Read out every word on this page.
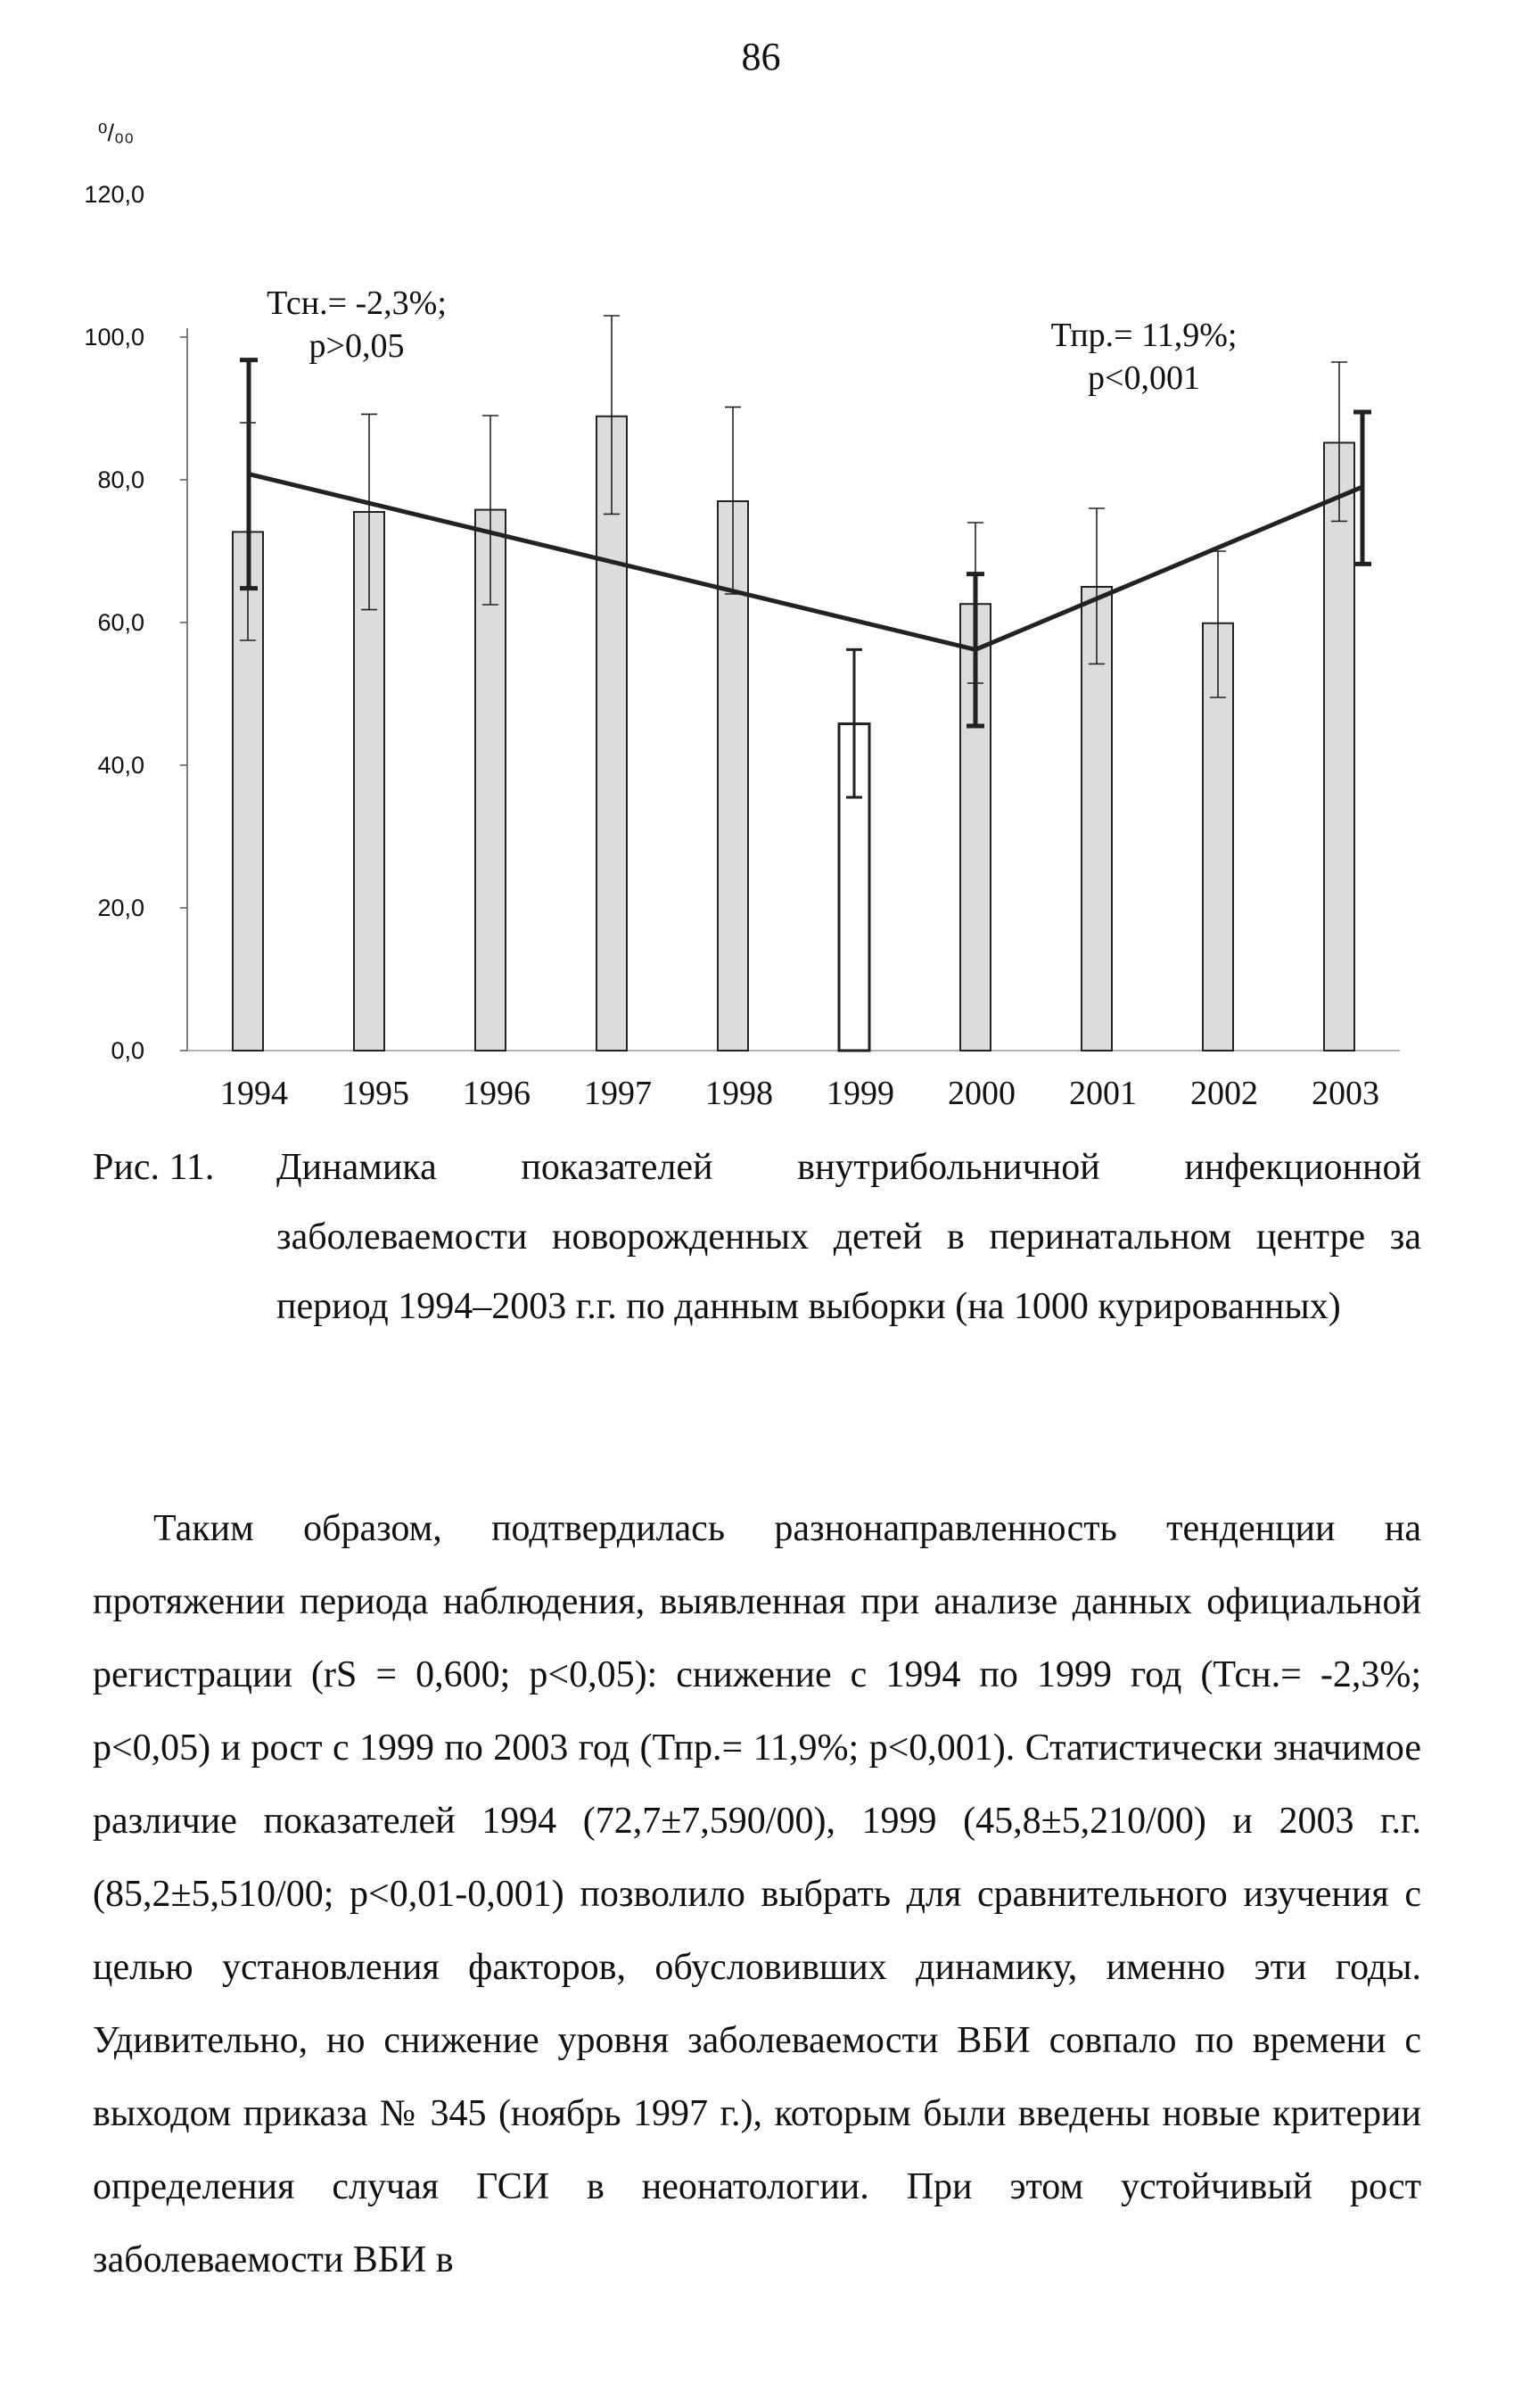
86
0,0
20,0
40,0
60,0
80,0
100,0
120,0
⁰/₀₀
1994 1995 1996 1997 1998 1999 2000 2001 2002 2003
Тсн.= -2,3%;
р>0,05	Тпр.= 11,9%;
р<0,001
Рис. 11. Динамика показателей внутрибольничной инфекционной заболеваемости новорожденных детей в перинатальном центре за период 1994–2003 г.г. по данным выборки (на 1000 курированных)

Таким образом, подтвердилась разнонаправленность тенденции на протяжении периода наблюдения, выявленная при анализе данных официальной регистрации (rS = 0,600; р<0,05): снижение с 1994 по 1999 год (Тсн.= -2,3%; р<0,05) и рост с 1999 по 2003 год (Тпр.= 11,9%; р<0,001). Статистически значимое различие показателей 1994 (72,7±7,590/00), 1999 (45,8±5,210/00) и 2003 г.г. (85,2±5,510/00; р<0,01-0,001) позволило выбрать для сравнительного изучения с целью установления факторов, обусловивших динамику, именно эти годы. Удивительно, но снижение уровня заболеваемости ВБИ совпало по времени с выходом приказа № 345 (ноябрь 1997 г.), которым были введены новые критерии определения случая ГСИ в неонатологии. При этом устойчивый рост заболеваемости ВБИ в
